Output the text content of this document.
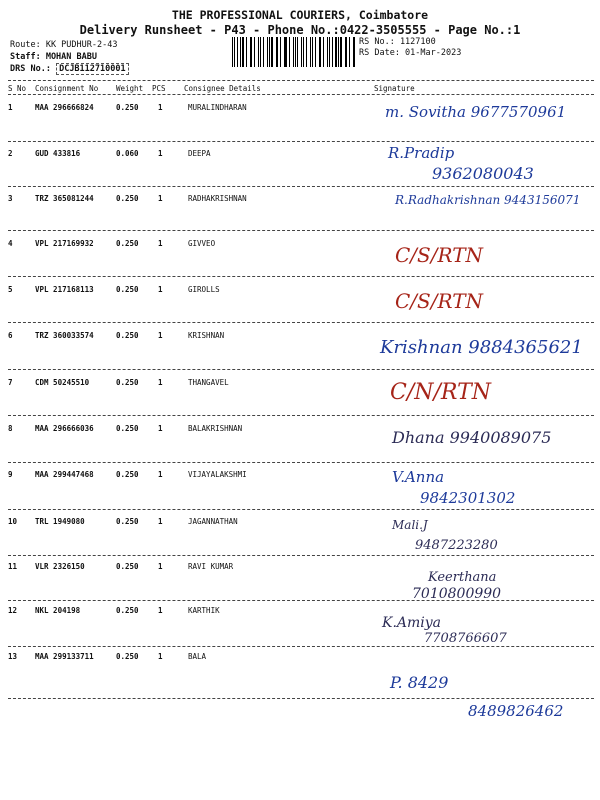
THE PROFESSIONAL COURIERS, Coimbatore
Delivery Runsheet - P43 - Phone No.:0422-3505555 - Page No.:1
Route: KK PUDHUR-2-43
Staff: MOHAN BABU
DRS No.: DCJB112710001
RS No.: 1127100
RS Date: 01-Mar-2023
S No Consignment No Weight PCS Consignee Details	Signature
1	MAA 296666824	0.250	1	MURALINDHARAN	m. Sovitha 9677570961
2	GUD 433816	0.060	1	DEEPA	R.Pradip
9362080043
3	TRZ 365081244	0.250	1	RADHAKRISHNAN	R.Radhakrishnan 9443156071
4	VPL 217169932	0.250	1	GIVVEO	C/S/RTN
5	VPL 217168113	0.250	1	GIROLLS	C/S/RTN
6	TRZ 360033574	0.250	1	KRISHNAN
Krishnan 9884365621
7	CDM 50245510	0.250	1	THANGAVEL	C/N/RTN
8	MAA 296666036	0.250	1	BALAKRISHNAN	Dhana 9940089075
9	MAA 299447468	0.250	1	VIJAYALAKSHMI	V.Anna
9842301302
10 TRL 1949080	0.250	1	JAGANNATHAN	Mali.J
9487223280
11 VLR 2326150	0.250	1	RAVI KUMAR
Keerthana
7010800990
12 NKL 204198	0.250	1	KARTHIK
K.Amiya
7708766607
13 MAA 299133711	0.250	1	BALA
P. 8429
8489826462
